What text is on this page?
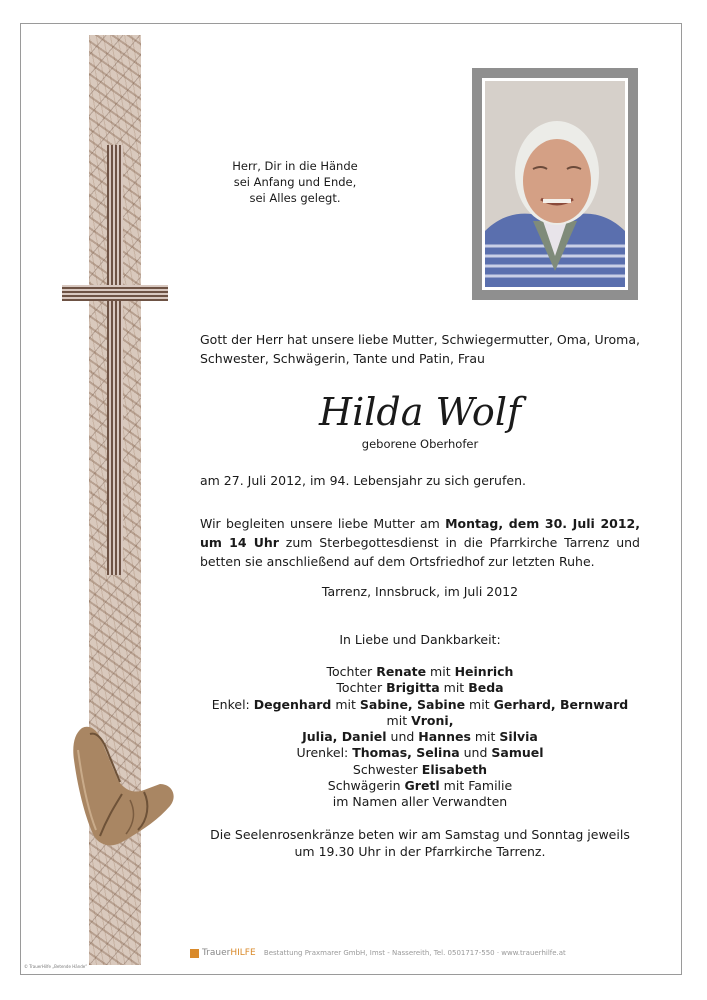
Herr, Dir in die Hände
sei Anfang und Ende,
sei Alles gelegt.
Gott der Herr hat unsere liebe Mutter, Schwiegermutter, Oma, Uroma, Schwester, Schwägerin, Tante und Patin, Frau
Hilda Wolf
geborene Oberhofer
am 27. Juli 2012, im 94. Lebensjahr zu sich gerufen.
Wir begleiten unsere liebe Mutter am Montag, dem 30. Juli 2012, um 14 Uhr zum Sterbegottesdienst in die Pfarrkirche Tarrenz und betten sie anschließend auf dem Ortsfriedhof zur letzten Ruhe.
Tarrenz, Innsbruck, im Juli 2012
In Liebe und Dankbarkeit:
Tochter Renate mit Heinrich
Tochter Brigitta mit Beda
Enkel: Degenhard mit Sabine, Sabine mit Gerhard, Bernward mit Vroni,
Julia, Daniel und Hannes mit Silvia
Urenkel: Thomas, Selina und Samuel
Schwester Elisabeth
Schwägerin Gretl mit Familie
im Namen aller Verwandten
Die Seelenrosenkränze beten wir am Samstag und Sonntag jeweils
um 19.30 Uhr in der Pfarrkirche Tarrenz.
TrauerHILFE Bestattung Praxmarer GmbH, Imst - Nassereith, Tel. 0501717-550 · www.trauerhilfe.at
© TrauerHilfe „Betende Hände“
